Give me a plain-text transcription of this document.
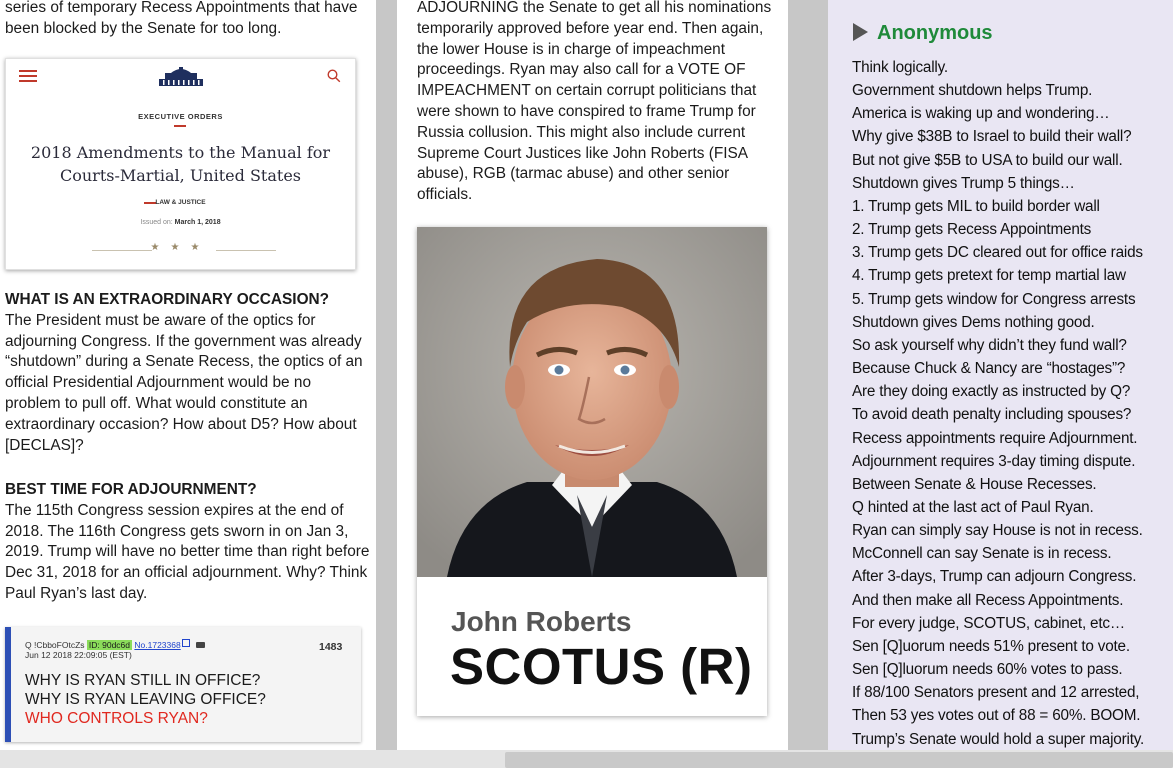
series of temporary Recess Appointments that have been blocked by the Senate for too long.
EXECUTIVE ORDERS
2018 Amendments to the Manual for Courts-Martial, United States
LAW & JUSTICE
Issued on: March 1, 2018
★★★
WHAT IS AN EXTRAORDINARY OCCASION?
The President must be aware of the optics for adjourning Congress. If the government was already “shutdown” during a Senate Recess, the optics of an official Presidential Adjournment would be no problem to pull off. What would constitute an extraordinary occasion? How about D5? How about [DECLAS]?
BEST TIME FOR ADJOURNMENT?
The 115th Congress session expires at the end of 2018. The 116th Congress gets sworn in on Jan 3, 2019. Trump will have no better time than right before Dec 31, 2018 for an official adjournment. Why? Think Paul Ryan’s last day.
Q !CbboFOtcZs ID: 90dc6d No.1723368
Jun 12 2018 22:09:05 (EST)
1483
WHY IS RYAN STILL IN OFFICE?
WHY IS RYAN LEAVING OFFICE?
WHO CONTROLS RYAN?
ADJOURNING the Senate to get all his nominations temporarily approved before year end. Then again, the lower House is in charge of impeachment proceedings. Ryan may also call for a VOTE OF IMPEACHMENT on certain corrupt politicians that were shown to have conspired to frame Trump for Russia collusion. This might also include current Supreme Court Justices like John Roberts (FISA abuse), RGB (tarmac abuse) and other senior officials.
John Roberts
SCOTUS (R)
Anonymous
Think logically.
Government shutdown helps Trump.
America is waking up and wondering…
Why give $38B to Israel to build their wall?
But not give $5B to USA to build our wall.
Shutdown gives Trump 5 things…
1. Trump gets MIL to build border wall
2. Trump gets Recess Appointments
3. Trump gets DC cleared out for office raids
4. Trump gets pretext for temp martial law
5. Trump gets window for Congress arrests
Shutdown gives Dems nothing good.
So ask yourself why didn’t they fund wall?
Because Chuck & Nancy are “hostages”?
Are they doing exactly as instructed by Q?
To avoid death penalty including spouses?
Recess appointments require Adjournment.
Adjournment requires 3-day timing dispute.
Between Senate & House Recesses.
Q hinted at the last act of Paul Ryan.
Ryan can simply say House is not in recess.
McConnell can say Senate is in recess.
After 3-days, Trump can adjourn Congress.
And then make all Recess Appointments.
For every judge, SCOTUS, cabinet, etc…
Sen [Q]uorum needs 51% present to vote.
Sen [Q]luorum needs 60% votes to pass.
If 88/100 Senators present and 12 arrested,
Then 53 yes votes out of 88 = 60%. BOOM.
Trump’s Senate would hold a super majority.
